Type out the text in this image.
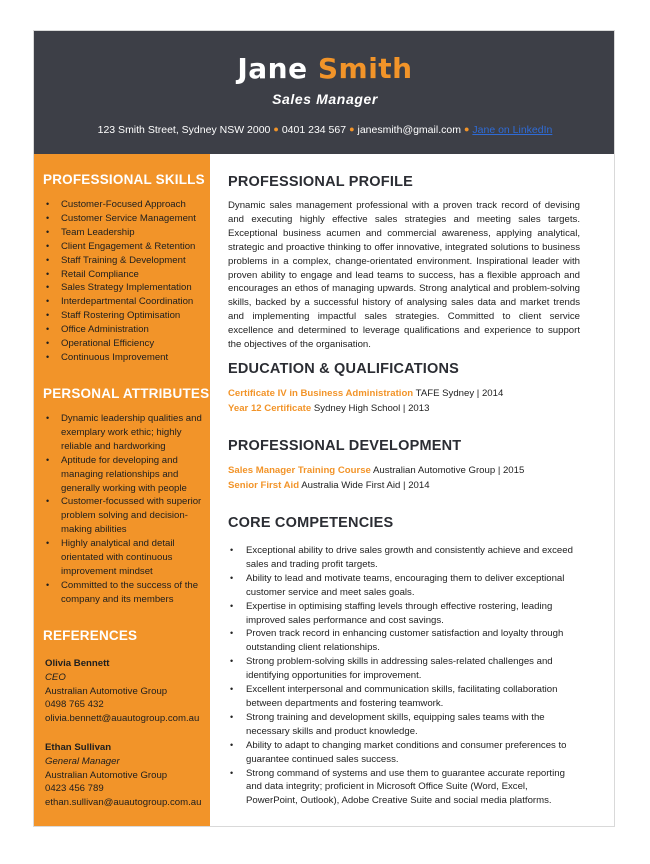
Jane Smith
Sales Manager
123 Smith Street, Sydney NSW 2000 ● 0401 234 567 ● janesmith@gmail.com ● Jane on LinkedIn
PROFESSIONAL SKILLS
• Customer-Focused Approach
• Customer Service Management
• Team Leadership
• Client Engagement & Retention
• Staff Training & Development
• Retail Compliance
• Sales Strategy Implementation
• Interdepartmental Coordination
• Staff Rostering Optimisation
• Office Administration
• Operational Efficiency
• Continuous Improvement
PERSONAL ATTRIBUTES
• Dynamic leadership qualities and exemplary work ethic; highly reliable and hardworking
• Aptitude for developing and managing relationships and generally working with people
• Customer-focussed with superior problem solving and decision-making abilities
• Highly analytical and detail orientated with continuous improvement mindset
• Committed to the success of the company and its members
REFERENCES
Olivia Bennett
CEO
Australian Automotive Group
0498 765 432
olivia.bennett@auautogroup.com.au
Ethan Sullivan
General Manager
Australian Automotive Group
0423 456 789
ethan.sullivan@auautogroup.com.au
PROFESSIONAL PROFILE

Dynamic sales management professional with a proven track record of devising and executing highly effective sales strategies and meeting sales targets. Exceptional business acumen and commercial awareness, applying analytical, strategic and proactive thinking to offer innovative, integrated solutions to business problems in a complex, change-orientated environment. Inspirational leader with proven ability to engage and lead teams to success, has a flexible approach and encourages an ethos of managing upwards. Strong analytical and problem-solving skills, backed by a successful history of analysing sales data and market trends and implementing impactful sales strategies. Committed to client service excellence and determined to leverage qualifications and experience to support the objectives of the organisation.

EDUCATION & QUALIFICATIONS
Certificate IV in Business Administration TAFE Sydney | 2014
Year 12 Certificate Sydney High School | 2013
PROFESSIONAL DEVELOPMENT
Sales Manager Training Course Australian Automotive Group | 2015
Senior First Aid Australia Wide First Aid | 2014
CORE COMPETENCIES
• Exceptional ability to drive sales growth and consistently achieve and exceed sales and trading profit targets.
• Ability to lead and motivate teams, encouraging them to deliver exceptional customer service and meet sales goals.
• Expertise in optimising staffing levels through effective rostering, leading improved sales performance and cost savings.
• Proven track record in enhancing customer satisfaction and loyalty through outstanding client relationships.
• Strong problem-solving skills in addressing sales-related challenges and identifying opportunities for improvement.
• Excellent interpersonal and communication skills, facilitating collaboration between departments and fostering teamwork.
• Strong training and development skills, equipping sales teams with the necessary skills and product knowledge.
• Ability to adapt to changing market conditions and consumer preferences to guarantee continued sales success.
• Strong command of systems and use them to guarantee accurate reporting and data integrity; proficient in Microsoft Office Suite (Word, Excel, PowerPoint, Outlook), Adobe Creative Suite and social media platforms.
